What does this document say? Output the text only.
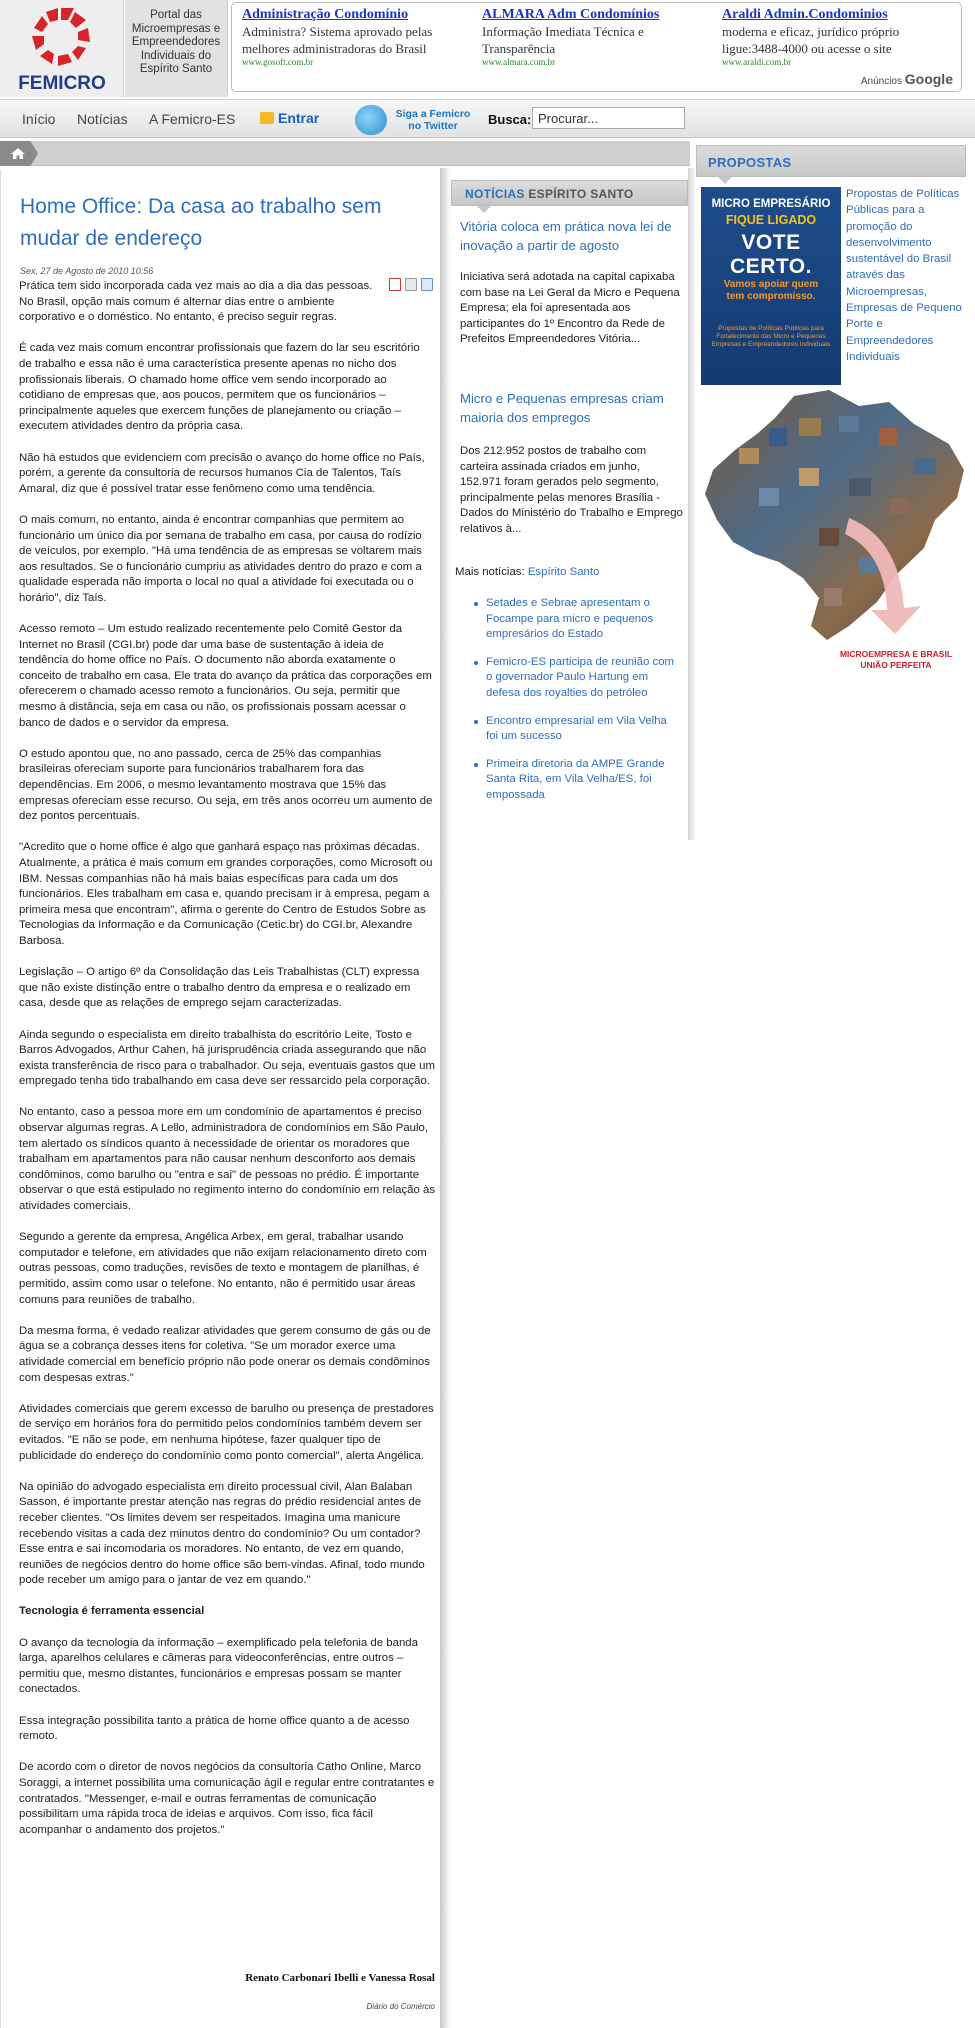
FEMICRO
Portal das Microempresas e Empreendedores Individuais do Espírito Santo
Administração Condomínio
Administra? Sistema aprovado pelas melhores administradoras do Brasil
www.gosoft.com.br
ALMARA Adm Condomínios
Informação Imediata Técnica e Transparência
www.almara.com.br
Araldi Admin.Condominios
moderna e eficaz, jurídico próprio ligue:3488-4000 ou acesse o site
www.araldi.com.br
Anúncios Google
Início Notícias A Femicro-ES	Entrar	Siga a Femicro no Twitter	Busca:
Procurar...
Home Office: Da casa ao trabalho sem mudar de endereço
Sex, 27 de Agosto de 2010 10:56

Prática tem sido incorporada cada vez mais ao dia a dia das pessoas. No Brasil, opção mais comum é alternar dias entre o ambiente corporativo e o doméstico. No entanto, é preciso seguir regras.

É cada vez mais comum encontrar profissionais que fazem do lar seu escritório de trabalho e essa não é uma característica presente apenas no nicho dos profissionais liberais. O chamado home office vem sendo incorporado ao cotidiano de empresas que, aos poucos, permitem que os funcionários – principalmente aqueles que exercem funções de planejamento ou criação – executem atividades dentro da própria casa.

Não há estudos que evidenciem com precisão o avanço do home office no País, porém, a gerente da consultoria de recursos humanos Cia de Talentos, Taís Amaral, diz que é possível tratar esse fenômeno como uma tendência.

O mais comum, no entanto, ainda é encontrar companhias que permitem ao funcionário um único dia por semana de trabalho em casa, por causa do rodízio de veículos, por exemplo. "Há uma tendência de as empresas se voltarem mais aos resultados. Se o funcionário cumpriu as atividades dentro do prazo e com a qualidade esperada não importa o local no qual a atividade foi executada ou o horário", diz Taís.

Acesso remoto – Um estudo realizado recentemente pelo Comitê Gestor da Internet no Brasil (CGI.br) pode dar uma base de sustentação à ideia de tendência do home office no País. O documento não aborda exatamente o conceito de trabalho em casa. Ele trata do avanço da prática das corporações em oferecerem o chamado acesso remoto a funcionários. Ou seja, permitir que mesmo à distância, seja em casa ou não, os profissionais possam acessar o banco de dados e o servidor da empresa.

O estudo apontou que, no ano passado, cerca de 25% das companhias brasileiras ofereciam suporte para funcionários trabalharem fora das dependências. Em 2006, o mesmo levantamento mostrava que 15% das empresas ofereciam esse recurso. Ou seja, em três anos ocorreu um aumento de dez pontos percentuais.

"Acredito que o home office é algo que ganhará espaço nas próximas décadas. Atualmente, a prática é mais comum em grandes corporações, como Microsoft ou IBM. Nessas companhias não há mais baias específicas para cada um dos funcionários. Eles trabalham em casa e, quando precisam ir à empresa, pegam a primeira mesa que encontram", afirma o gerente do Centro de Estudos Sobre as Tecnologias da Informação e da Comunicação (Cetic.br) do CGI.br, Alexandre Barbosa.

Legislação – O artigo 6º da Consolidação das Leis Trabalhistas (CLT) expressa que não existe distinção entre o trabalho dentro da empresa e o realizado em casa, desde que as relações de emprego sejam caracterizadas.

Ainda segundo o especialista em direito trabalhista do escritório Leite, Tosto e Barros Advogados, Arthur Cahen, há jurisprudência criada assegurando que não exista transferência de risco para o trabalhador. Ou seja, eventuais gastos que um empregado tenha tido trabalhando em casa deve ser ressarcido pela corporação.

No entanto, caso a pessoa more em um condomínio de apartamentos é preciso observar algumas regras. A Lello, administradora de condomínios em São Paulo, tem alertado os síndicos quanto à necessidade de orientar os moradores que trabalham em apartamentos para não causar nenhum desconforto aos demais condôminos, como barulho ou "entra e sai" de pessoas no prédio. É importante observar o que está estipulado no regimento interno do condomínio em relação às atividades comerciais.

Segundo a gerente da empresa, Angélica Arbex, em geral, trabalhar usando computador e telefone, em atividades que não exijam relacionamento direto com outras pessoas, como traduções, revisões de texto e montagem de planilhas, é permitido, assim como usar o telefone. No entanto, não é permitido usar áreas comuns para reuniões de trabalho.

Da mesma forma, é vedado realizar atividades que gerem consumo de gás ou de água se a cobrança desses itens for coletiva. "Se um morador exerce uma atividade comercial em benefício próprio não pode onerar os demais condôminos com despesas extras."

Atividades comerciais que gerem excesso de barulho ou presença de prestadores de serviço em horários fora do permitido pelos condomínios também devem ser evitados. "E não se pode, em nenhuma hipótese, fazer qualquer tipo de publicidade do endereço do condomínio como ponto comercial", alerta Angélica.

Na opinião do advogado especialista em direito processual civil, Alan Balaban Sasson, é importante prestar atenção nas regras do prédio residencial antes de receber clientes. "Os limites devem ser respeitados. Imagina uma manicure recebendo visitas a cada dez minutos dentro do condomínio? Ou um contador? Esse entra e sai incomodaria os moradores. No entanto, de vez em quando, reuniões de negócios dentro do home office são bem-vindas. Afinal, todo mundo pode receber um amigo para o jantar de vez em quando."

Tecnologia é ferramenta essencial

O avanço da tecnologia da informação – exemplificado pela telefonia de banda larga, aparelhos celulares e câmeras para videoconferências, entre outros – permitiu que, mesmo distantes, funcionários e empresas possam se manter conectados.

Essa integração possibilita tanto a prática de home office quanto a de acesso remoto.

De acordo com o diretor de novos negócios da consultoria Catho Online, Marco Soraggi, a internet possibilita uma comunicação ágil e regular entre contratantes e contratados. "Messenger, e-mail e outras ferramentas de comunicação possibilitam uma rápida troca de ideias e arquivos. Com isso, fica fácil acompanhar o andamento dos projetos."

Renato Carbonari Ibelli e Vanessa Rosal
Diário do Comércio
NOTÍCIAS ESPÍRITO SANTO
Vitória coloca em prática nova lei de inovação a partir de agosto
Iniciativa será adotada na capital capixaba com base na Lei Geral da Micro e Pequena Empresa; ela foi apresentada aos participantes do 1º Encontro da Rede de Prefeitos Empreendedores Vitória...
Micro e Pequenas empresas criam maioria dos empregos
Dos 212.952 postos de trabalho com carteira assinada criados em junho, 152.971 foram gerados pelo segmento, principalmente pelas menores Brasília - Dados do Ministério do Trabalho e Emprego relativos à...
Mais notícias: Espírito Santo
Setades e Sebrae apresentam o Focampe para micro e pequenos empresários do Estado
Femicro-ES participa de reunião com o governador Paulo Hartung em defesa dos royalties do petróleo
Encontro empresarial em Vila Velha foi um sucesso
Primeira diretoria da AMPE Grande Santa Rita, em Vila Velha/ES, foi empossada
PROPOSTAS
MICRO EMPRESÁRIO
FIQUE LIGADO
VOTE CERTO.
Vamos apoiar quem tem compromisso.
Propostas de Políticas Públicas para Fortalecimento das Micro e Pequenas Empresas e Empreendedores Individuais
Propostas de Políticas Públicas para a promoção do desenvolvimento sustentável do Brasil através das Microempresas, Empresas de Pequeno Porte e Empreendedores Individuais
MICROEMPRESA E BRASIL UNIÃO PERFEITA
